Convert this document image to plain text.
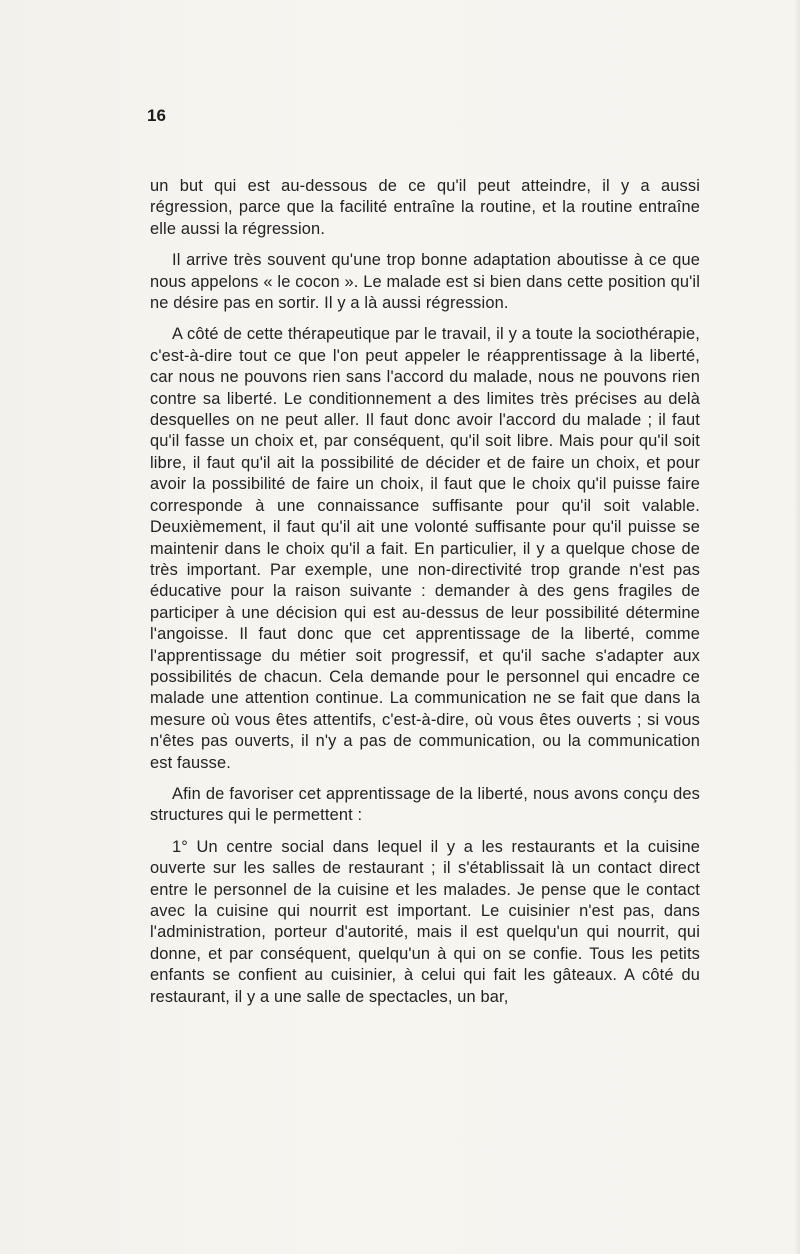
16

un but qui est au-dessous de ce qu'il peut atteindre, il y a aussi régression, parce que la facilité entraîne la routine, et la routine entraîne elle aussi la régression.

Il arrive très souvent qu'une trop bonne adaptation aboutisse à ce que nous appelons « le cocon ». Le malade est si bien dans cette position qu'il ne désire pas en sortir. Il y a là aussi régression.

A côté de cette thérapeutique par le travail, il y a toute la sociothérapie, c'est-à-dire tout ce que l'on peut appeler le réapprentissage à la liberté, car nous ne pouvons rien sans l'accord du malade, nous ne pouvons rien contre sa liberté. Le conditionnement a des limites très précises au delà desquelles on ne peut aller. Il faut donc avoir l'accord du malade ; il faut qu'il fasse un choix et, par conséquent, qu'il soit libre. Mais pour qu'il soit libre, il faut qu'il ait la possibilité de décider et de faire un choix, et pour avoir la possibilité de faire un choix, il faut que le choix qu'il puisse faire corresponde à une connaissance suffisante pour qu'il soit valable. Deuxièmement, il faut qu'il ait une volonté suffisante pour qu'il puisse se maintenir dans le choix qu'il a fait. En particulier, il y a quelque chose de très important. Par exemple, une non-directivité trop grande n'est pas éducative pour la raison suivante : demander à des gens fragiles de participer à une décision qui est au-dessus de leur possibilité détermine l'angoisse. Il faut donc que cet apprentissage de la liberté, comme l'apprentissage du métier soit progressif, et qu'il sache s'adapter aux possibilités de chacun. Cela demande pour le personnel qui encadre ce malade une attention continue. La communication ne se fait que dans la mesure où vous êtes attentifs, c'est-à-dire, où vous êtes ouverts ; si vous n'êtes pas ouverts, il n'y a pas de communication, ou la communication est fausse.

Afin de favoriser cet apprentissage de la liberté, nous avons conçu des structures qui le permettent :

1° Un centre social dans lequel il y a les restaurants et la cuisine ouverte sur les salles de restaurant ; il s'établissait là un contact direct entre le personnel de la cuisine et les malades. Je pense que le contact avec la cuisine qui nourrit est important. Le cuisinier n'est pas, dans l'administration, porteur d'autorité, mais il est quelqu'un qui nourrit, qui donne, et par conséquent, quelqu'un à qui on se confie. Tous les petits enfants se confient au cuisinier, à celui qui fait les gâteaux. A côté du restaurant, il y a une salle de spectacles, un bar,
